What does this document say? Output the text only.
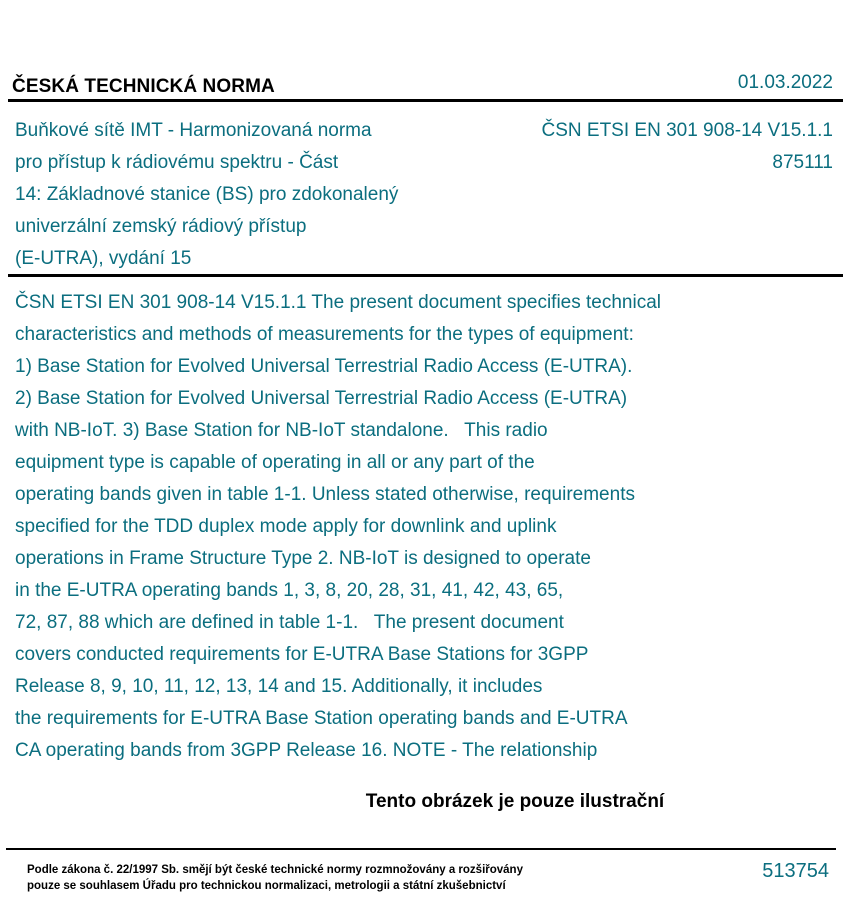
ČESKÁ TECHNICKÁ NORMA	01.03.2022
Buňkové sítě IMT - Harmonizovaná norma
pro přístup k rádiovému spektru - Část
14: Základnové stanice (BS) pro zdokonalený
univerzální zemský rádiový přístup
(E-UTRA), vydání 15
ČSN ETSI EN 301 908-14 V15.1.1
875111
ČSN ETSI EN 301 908-14 V15.1.1 The present document specifies technical
characteristics and methods of measurements for the types of equipment:
1) Base Station for Evolved Universal Terrestrial Radio Access (E-UTRA).
2) Base Station for Evolved Universal Terrestrial Radio Access (E-UTRA)
with NB-IoT. 3) Base Station for NB-IoT standalone.   This radio
equipment type is capable of operating in all or any part of the
operating bands given in table 1-1. Unless stated otherwise, requirements
specified for the TDD duplex mode apply for downlink and uplink
operations in Frame Structure Type 2. NB-IoT is designed to operate
in the E-UTRA operating bands 1, 3, 8, 20, 28, 31, 41, 42, 43, 65,
72, 87, 88 which are defined in table 1-1.   The present document
covers conducted requirements for E-UTRA Base Stations for 3GPP
Release 8, 9, 10, 11, 12, 13, 14 and 15. Additionally, it includes
the requirements for E-UTRA Base Station operating bands and E-UTRA
CA operating bands from 3GPP Release 16. NOTE - The relationship
Tento obrázek je pouze ilustrační
Podle zákona č. 22/1997 Sb. smějí být české technické normy rozmnožovány a rozšiřovány
pouze se souhlasem Úřadu pro technickou normalizaci, metrologii a státní zkušebnictví
513754
